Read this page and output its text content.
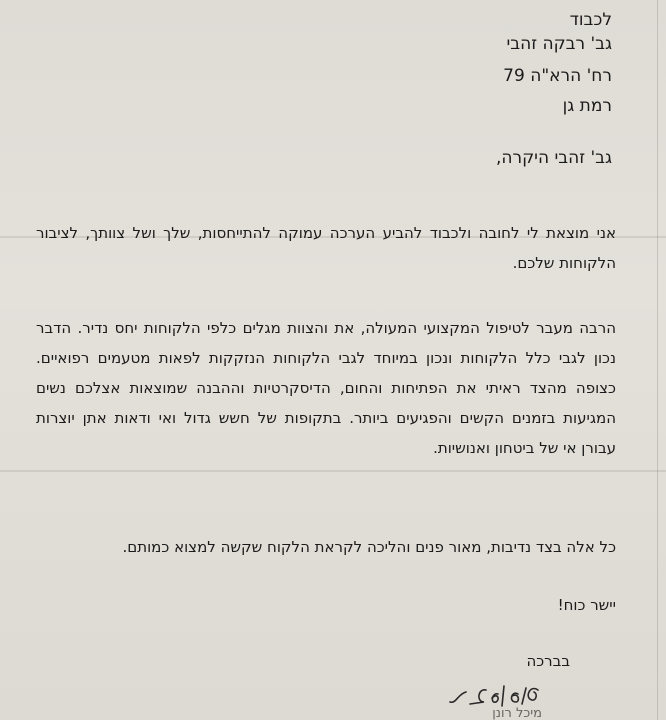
לכבוד
גב' רבקה זהבי
רח' הרא"ה 79
רמת גן
גב' זהבי היקרה,
אני מוצאת לי לחובה ולכבוד להביע הערכה עמוקה להתייחסות, שלך ושל צוותך, לציבור הלקוחות שלכם.
הרבה מעבר לטיפול המקצועי המעולה, את והצוות מגלים כלפי הלקוחות יחס נדיר. הדבר נכון לגבי כלל הלקוחות ונכון במיוחד לגבי הלקוחות הנזקקות לפאות מטעמים רפואיים. כצופה מהצד ראיתי את הפתיחות והחום, הדיסקרטיות וההבנה שמוצאות אצלכם נשים המגיעות בזמנים הקשים והפגיעים ביותר. בתקופות של חשש גדול ואי ודאות אתן יוצרות עבורן אי של ביטחון ואנושיות.
כל אלה בצד נדיבות, מאור פנים והליכה לקראת הלקוח שקשה למצוא כמותם.
יישר כוח!
בברכה
מיכל רונן
